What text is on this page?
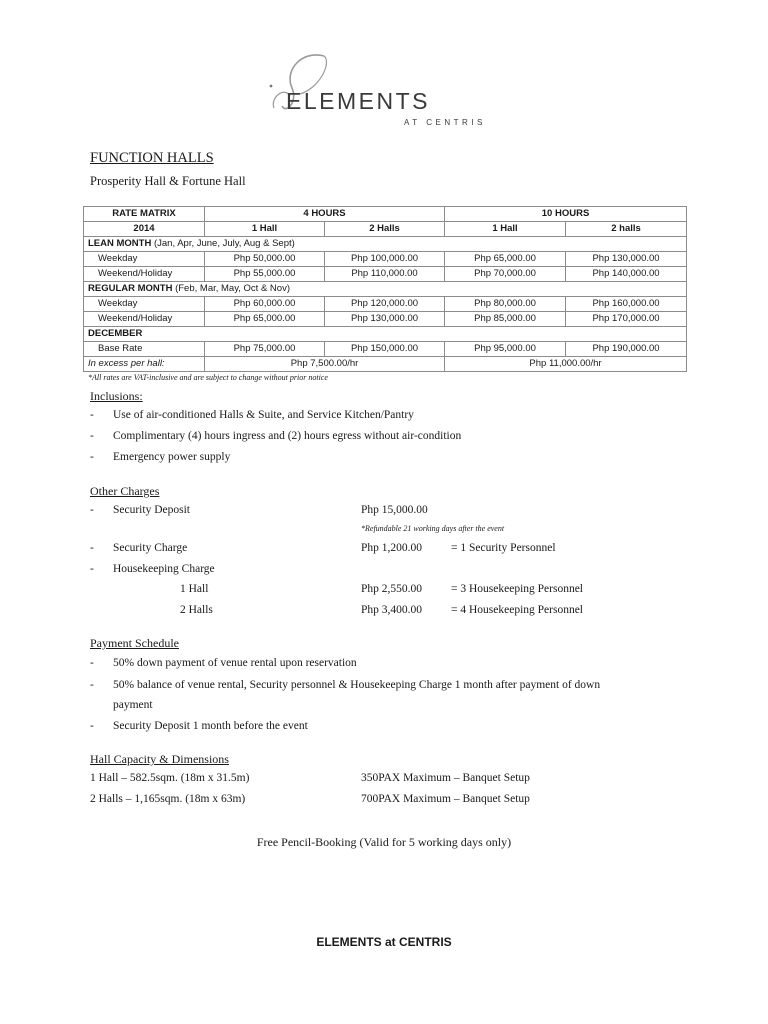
ELEMENTS
AT CENTRIS
FUNCTION HALLS
Prosperity Hall & Fortune Hall
RATE MATRIX	4 HOURS		10 HOURS	
2014	1 Hall	2 Halls	1 Hall	2 halls
LEAN MONTH (Jan, Apr, June, July, Aug & Sept)				
Weekday	Php 50,000.00	Php 100,000.00	Php 65,000.00	Php 130,000.00
Weekend/Holiday	Php 55,000.00	Php 110,000.00	Php 70,000.00	Php 140,000.00
REGULAR MONTH (Feb, Mar, May, Oct & Nov)				
Weekday	Php 60,000.00	Php 120,000.00	Php 80,000.00	Php 160,000.00
Weekend/Holiday	Php 65,000.00	Php 130,000.00	Php 85,000.00	Php 170,000.00
DECEMBER				
Base Rate	Php 75,000.00	Php 150,000.00	Php 95,000.00	Php 190,000.00
In excess per hall:	Php 7,500.00/hr		Php 11,000.00/hr	
*All rates are VAT-inclusive and are subject to change without prior notice
Inclusions:
- Use of air-conditioned Halls & Suite, and Service Kitchen/Pantry
- Complimentary (4) hours ingress and (2) hours egress without air-condition
- Emergency power supply
Other Charges
- Security Deposit	Php 15,000.00
*Refundable 21 working days after the event
- Security Charge	Php 1,200.00	= 1 Security Personnel
- Housekeeping Charge
1 Hall	Php 2,550.00	= 3 Housekeeping Personnel
2 Halls	Php 3,400.00	= 4 Housekeeping Personnel
Payment Schedule
- 50% down payment of venue rental upon reservation
- 50% balance of venue rental, Security personnel & Housekeeping Charge 1 month after payment of down
payment
- Security Deposit 1 month before the event
Hall Capacity & Dimensions
1 Hall – 582.5sqm. (18m x 31.5m)	350PAX Maximum – Banquet Setup
2 Halls – 1,165sqm. (18m x 63m)	700PAX Maximum – Banquet Setup
Free Pencil-Booking (Valid for 5 working days only)
ELEMENTS at CENTRIS
